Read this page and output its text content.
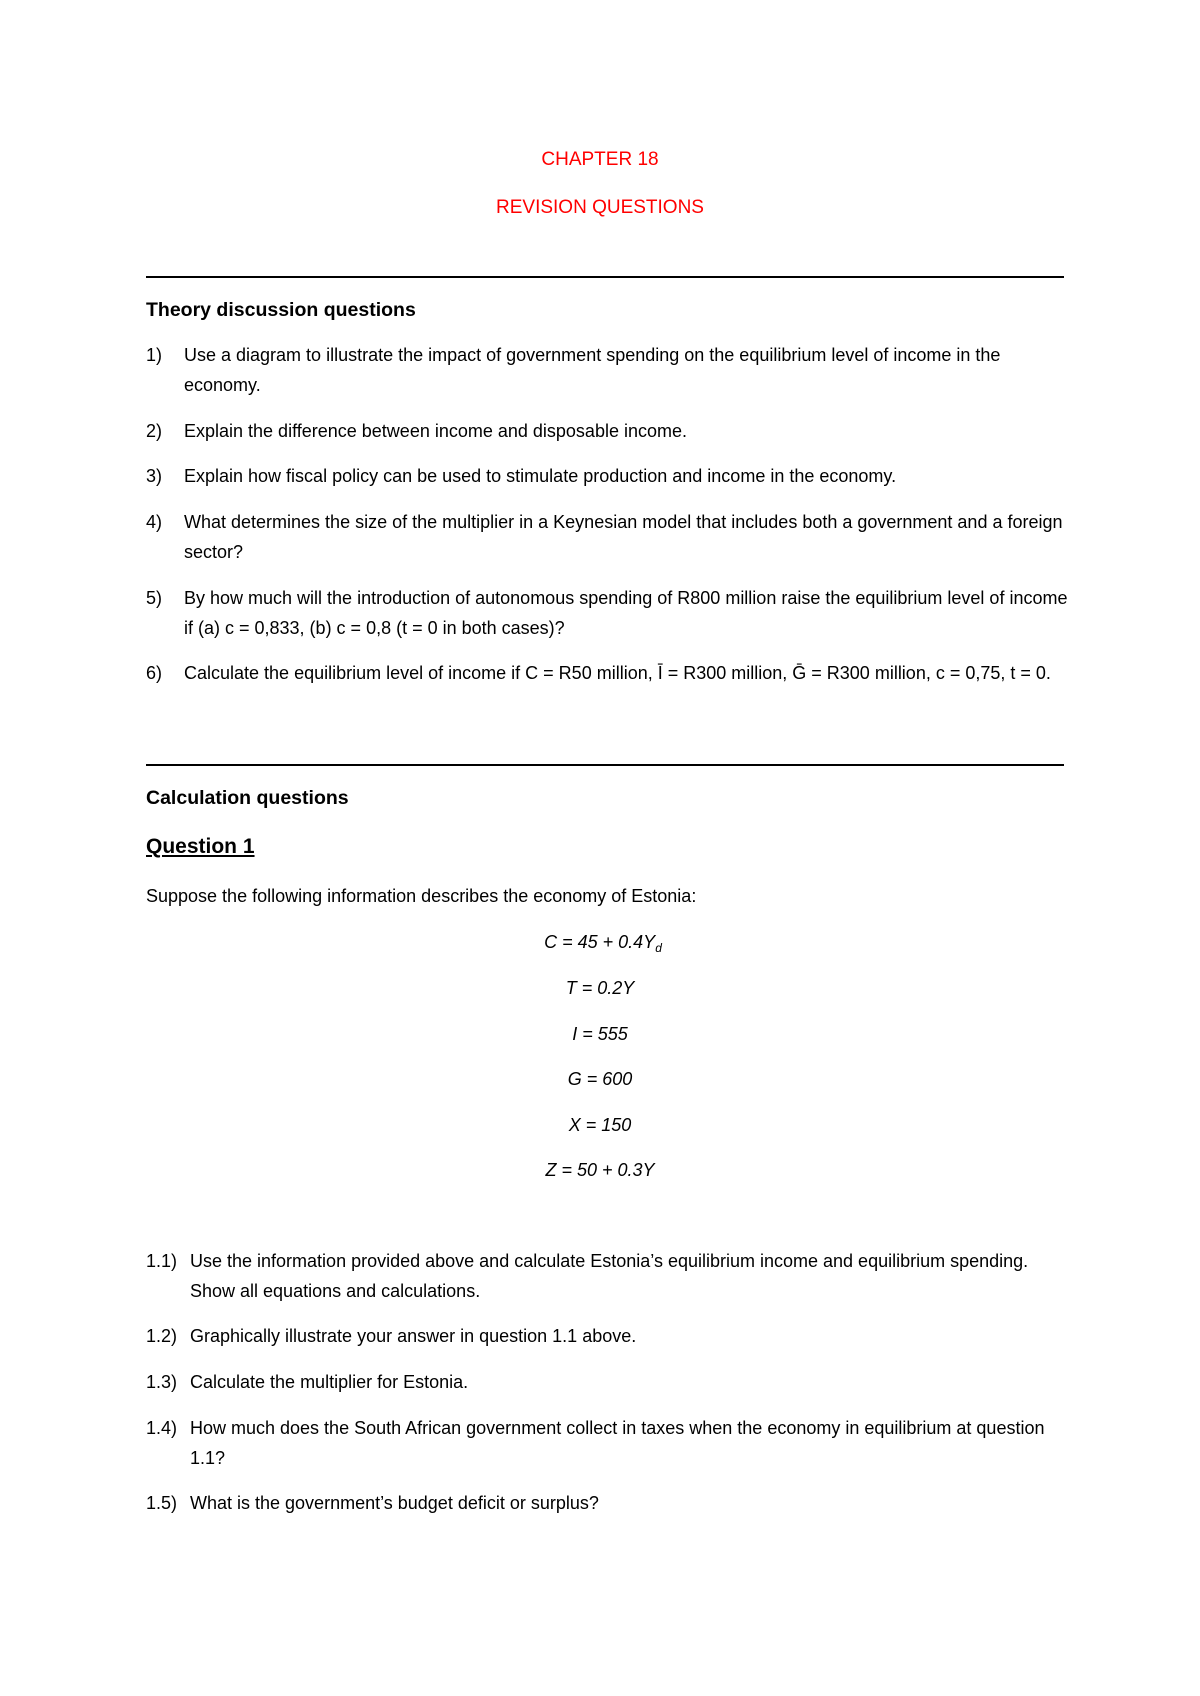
CHAPTER 18
REVISION QUESTIONS
Theory discussion questions
1) Use a diagram to illustrate the impact of government spending on the equilibrium level of income in the economy.
2) Explain the difference between income and disposable income.
3) Explain how fiscal policy can be used to stimulate production and income in the economy.
4) What determines the size of the multiplier in a Keynesian model that includes both a government and a foreign sector?
5) By how much will the introduction of autonomous spending of R800 million raise the equilibrium level of income if (a) c = 0,833, (b) c = 0,8 (t = 0 in both cases)?
6) Calculate the equilibrium level of income if C = R50 million, Ī = R300 million, Ḡ = R300 million, c = 0,75, t = 0.
Calculation questions
Question 1
Suppose the following information describes the economy of Estonia:
$C = 45 + 0.4Y_d$
T = 0.2Y
I = 555
G = 600
X = 150
Z = 50 + 0.3Y
1.1) Use the information provided above and calculate Estonia’s equilibrium income and equilibrium spending. Show all equations and calculations.
1.2) Graphically illustrate your answer in question 1.1 above.
1.3) Calculate the multiplier for Estonia.
1.4) How much does the South African government collect in taxes when the economy in equilibrium at question 1.1?
1.5) What is the government’s budget deficit or surplus?
